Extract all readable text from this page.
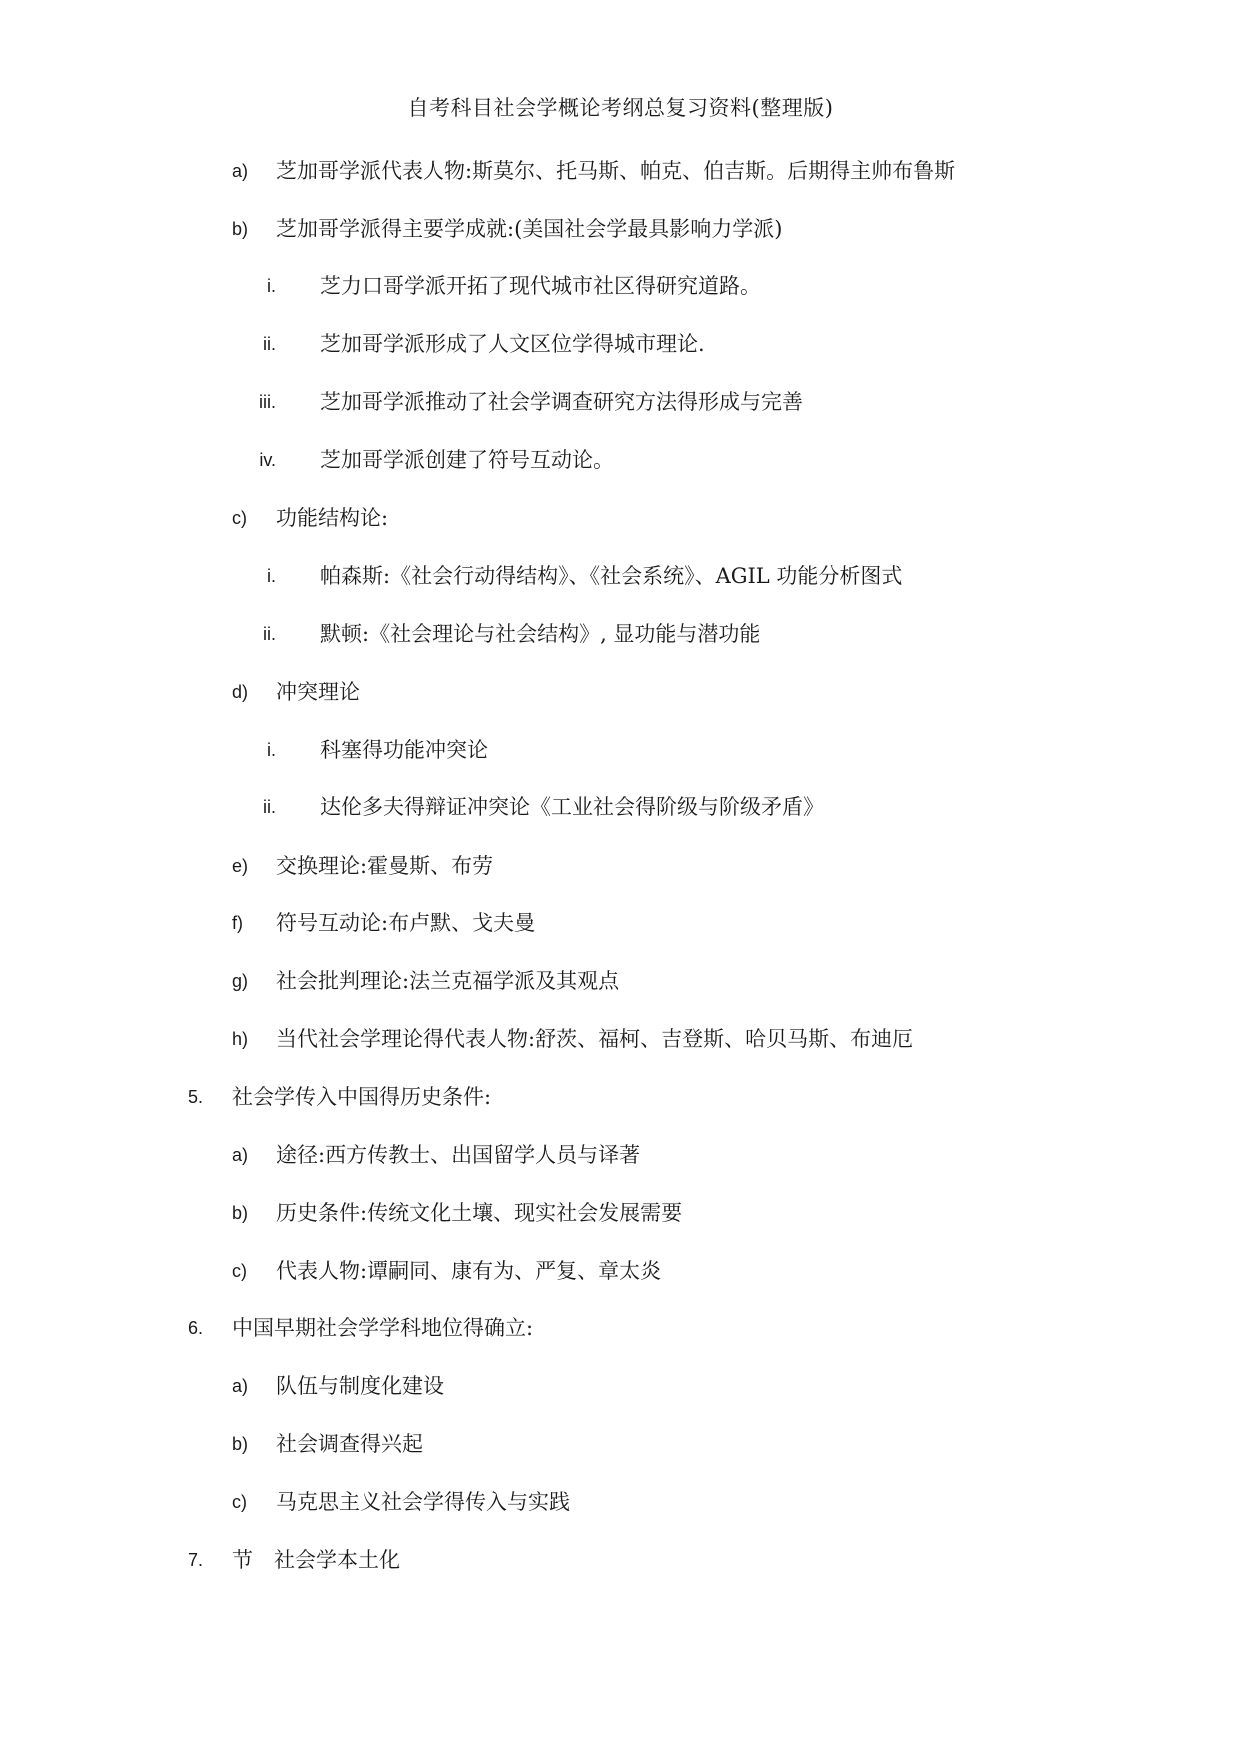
自考科目社会学概论考纲总复习资料(整理版)
a) 芝加哥学派代表人物:斯莫尔、托马斯、帕克、伯吉斯。后期得主帅布鲁斯
b) 芝加哥学派得主要学成就:(美国社会学最具影响力学派)
i. 芝力口哥学派开拓了现代城市社区得研究道路。
ii. 芝加哥学派形成了人文区位学得城市理论.
iii. 芝加哥学派推动了社会学调查研究方法得形成与完善
iv. 芝加哥学派创建了符号互动论。
c) 功能结构论:
i. 帕森斯:《社会行动得结构》、《社会系统》、AGIL 功能分析图式
ii. 默顿:《社会理论与社会结构》, 显功能与潜功能
d) 冲突理论
i. 科塞得功能冲突论
ii. 达伦多夫得辩证冲突论《工业社会得阶级与阶级矛盾》
e) 交换理论:霍曼斯、布劳
f) 符号互动论:布卢默、戈夫曼
g) 社会批判理论:法兰克福学派及其观点
h) 当代社会学理论得代表人物:舒茨、福柯、吉登斯、哈贝马斯、布迪厄
5. 社会学传入中国得历史条件:
a) 途径:西方传教士、出国留学人员与译著
b) 历史条件:传统文化土壤、现实社会发展需要
c) 代表人物:谭嗣同、康有为、严复、章太炎
6. 中国早期社会学学科地位得确立:
a) 队伍与制度化建设
b) 社会调查得兴起
c) 马克思主义社会学得传入与实践
7. 节　社会学本土化
